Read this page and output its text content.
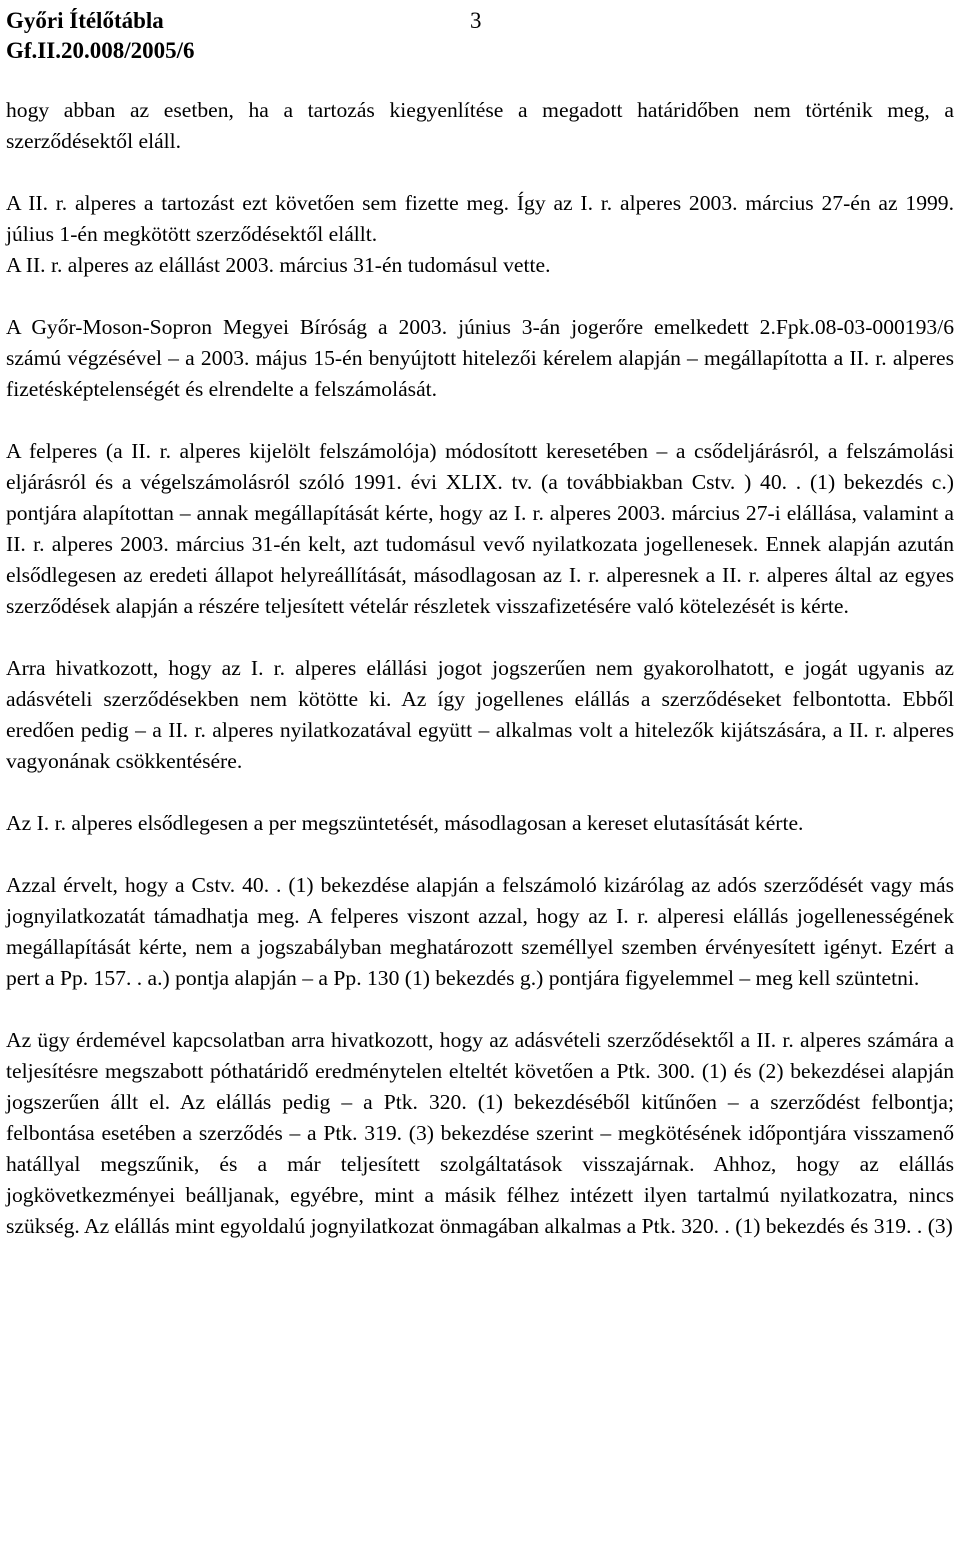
Győri Ítélőtábla
Gf.II.20.008/2005/6
3

hogy abban az esetben, ha a tartozás kiegyenlítése a megadott határidőben nem történik meg, a szerződésektől eláll.

A II. r. alperes a tartozást ezt követően sem fizette meg. Így az I. r. alperes 2003. március 27-én az 1999. július 1-én megkötött szerződésektől elállt.

A II. r. alperes az elállást 2003. március 31-én tudomásul vette.

A Győr-Moson-Sopron Megyei Bíróság a 2003. június 3-án jogerőre emelkedett 2.Fpk.08-03-000193/6 számú végzésével – a 2003. május 15-én benyújtott hitelezői kérelem alapján – megállapította a II. r. alperes fizetésképtelenségét és elrendelte a felszámolását.

A felperes (a II. r. alperes kijelölt felszámolója) módosított keresetében – a csődeljárásról, a felszámolási eljárásról és a végelszámolásról szóló 1991. évi XLIX. tv. (a továbbiakban Cstv. ) 40. . (1) bekezdés c.) pontjára alapítottan – annak megállapítását kérte, hogy az I. r. alperes 2003. március 27-i elállása, valamint a II. r. alperes 2003. március 31-én kelt, azt tudomásul vevő nyilatkozata jogellenesek. Ennek alapján azután elsődlegesen az eredeti állapot helyreállítását, másodlagosan az I. r. alperesnek a II. r. alperes által az egyes szerződések alapján a részére teljesített vételár részletek visszafizetésére való kötelezését is kérte.

Arra hivatkozott, hogy az I. r. alperes elállási jogot jogszerűen nem gyakorolhatott, e jogát ugyanis az adásvételi szerződésekben nem kötötte ki. Az így jogellenes elállás a szerződéseket felbontotta. Ebből eredően pedig – a II. r. alperes nyilatkozatával együtt – alkalmas volt a hitelezők kijátszására, a II. r. alperes vagyonának csökkentésére.

Az I. r. alperes elsődlegesen a per megszüntetését, másodlagosan a kereset elutasítását kérte.

Azzal érvelt, hogy a Cstv. 40. . (1) bekezdése alapján a felszámoló kizárólag az adós szerződését vagy más jognyilatkozatát támadhatja meg. A felperes viszont azzal, hogy az I. r. alperesi elállás jogellenességének megállapítását kérte, nem a jogszabályban meghatározott személlyel szemben érvényesített igényt. Ezért a pert a Pp. 157. . a.) pontja alapján – a Pp. 130 (1) bekezdés g.) pontjára figyelemmel – meg kell szüntetni.

Az ügy érdemével kapcsolatban arra hivatkozott, hogy az adásvételi szerződésektől a II. r. alperes számára a teljesítésre megszabott póthatáridő eredménytelen elteltét követően a Ptk. 300. (1) és (2) bekezdései alapján jogszerűen állt el. Az elállás pedig – a Ptk. 320. (1) bekezdéséből kitűnően – a szerződést felbontja; felbontása esetében a szerződés – a Ptk. 319. (3) bekezdése szerint – megkötésének időpontjára visszamenő hatállyal megszűnik, és a már teljesített szolgáltatások visszajárnak. Ahhoz, hogy az elállás jogkövetkezményei beálljanak, egyébre, mint a másik félhez intézett ilyen tartalmú nyilatkozatra, nincs szükség. Az elállás mint egyoldalú jognyilatkozat önmagában alkalmas a Ptk. 320. . (1) bekezdés és 319. . (3)
